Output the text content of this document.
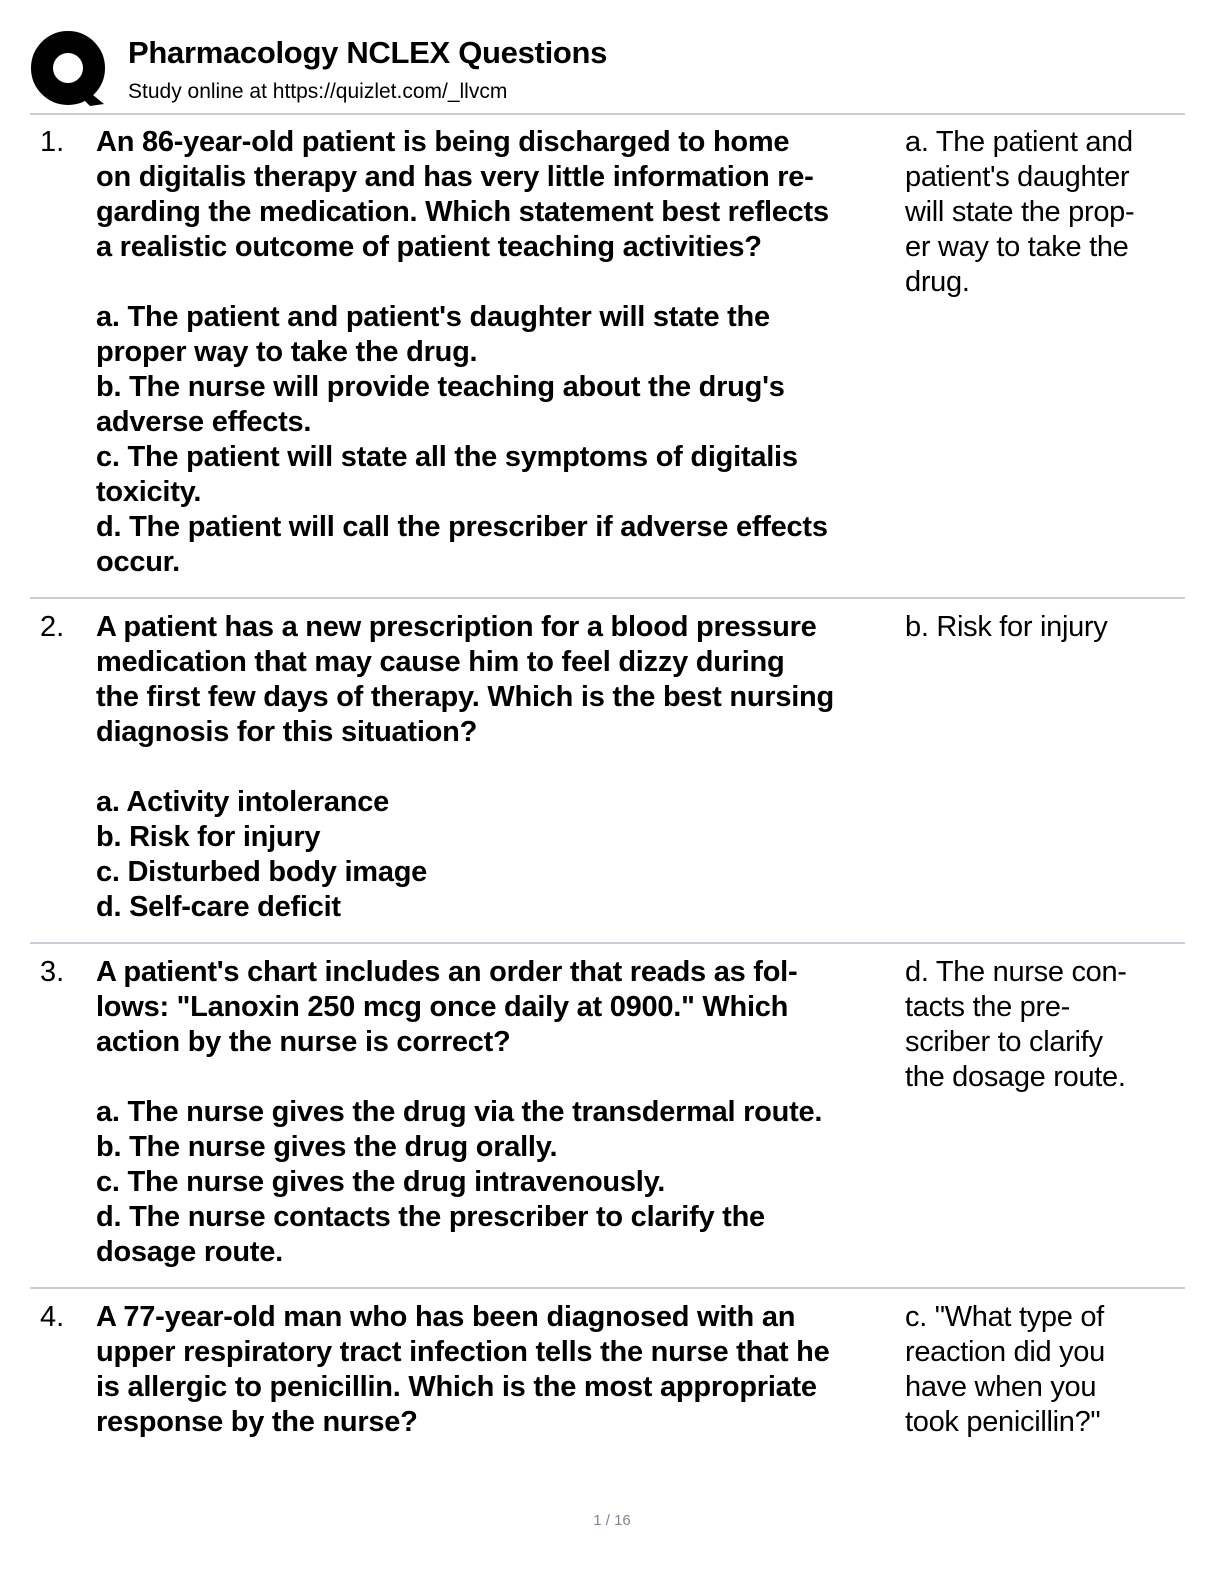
Pharmacology NCLEX Questions
Study online at https://quizlet.com/_llvcm
1. An 86-year-old patient is being discharged to home
on digitalis therapy and has very little information re-
garding the medication. Which statement best reflects
a realistic outcome of patient teaching activities?
a. The patient and patient's daughter will state the
proper way to take the drug.
b. The nurse will provide teaching about the drug's
adverse effects.
c. The patient will state all the symptoms of digitalis
toxicity.
d. The patient will call the prescriber if adverse effects
occur.
a. The patient and
patient's daughter
will state the prop-
er way to take the
drug.
2. A patient has a new prescription for a blood pressure
medication that may cause him to feel dizzy during
the first few days of therapy. Which is the best nursing
diagnosis for this situation?
a. Activity intolerance
b. Risk for injury
c. Disturbed body image
d. Self-care deficit
b. Risk for injury
3. A patient's chart includes an order that reads as fol-
lows: "Lanoxin 250 mcg once daily at 0900." Which
action by the nurse is correct?
a. The nurse gives the drug via the transdermal route.
b. The nurse gives the drug orally.
c. The nurse gives the drug intravenously.
d. The nurse contacts the prescriber to clarify the
dosage route.
d. The nurse con-
tacts the pre-
scriber to clarify
the dosage route.
4. A 77-year-old man who has been diagnosed with an
upper respiratory tract infection tells the nurse that he
is allergic to penicillin. Which is the most appropriate
response by the nurse?
c. "What type of
reaction did you
have when you
took penicillin?"
1 / 16
